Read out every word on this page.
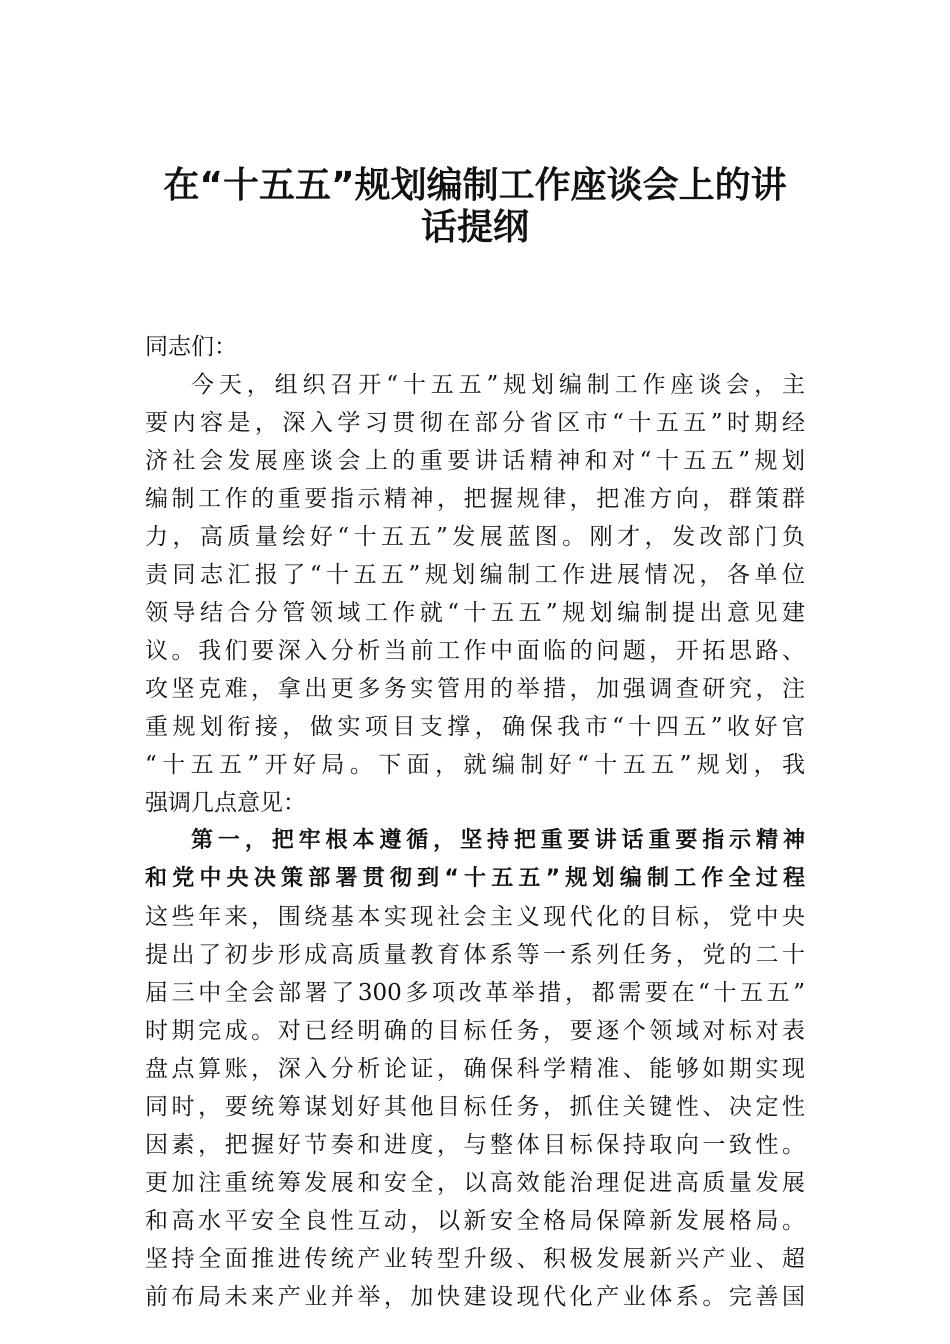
在“十五五”规划编制工作座谈会上的讲
话提纲
同志们：
今天，组织召开“十五五”规划编制工作座谈会，主
要内容是，深入学习贯彻在部分省区市“十五五”时期经
济社会发展座谈会上的重要讲话精神和对“十五五”规划
编制工作的重要指示精神，把握规律，把准方向，群策群
力，高质量绘好“十五五”发展蓝图。刚才，发改部门负
责同志汇报了“十五五”规划编制工作进展情况，各单位
领导结合分管领域工作就“十五五”规划编制提出意见建
议。我们要深入分析当前工作中面临的问题，开拓思路、
攻坚克难，拿出更多务实管用的举措，加强调查研究，注
重规划衔接，做实项目支撑，确保我市“十四五”收好官
“十五五”开好局。下面，就编制好“十五五”规划，我
强调几点意见：
第一，把牢根本遵循，坚持把重要讲话重要指示精神
和党中央决策部署贯彻到“十五五”规划编制工作全过程
这些年来，围绕基本实现社会主义现代化的目标，党中央
提出了初步形成高质量教育体系等一系列任务，党的二十
届三中全会部署了300多项改革举措，都需要在“十五五”
时期完成。对已经明确的目标任务，要逐个领域对标对表
盘点算账，深入分析论证，确保科学精准、能够如期实现
同时，要统筹谋划好其他目标任务，抓住关键性、决定性
因素，把握好节奏和进度，与整体目标保持取向一致性。
更加注重统筹发展和安全，以高效能治理促进高质量发展
和高水平安全良性互动，以新安全格局保障新发展格局。
坚持全面推进传统产业转型升级、积极发展新兴产业、超
前布局未来产业并举，加快建设现代化产业体系。完善国
